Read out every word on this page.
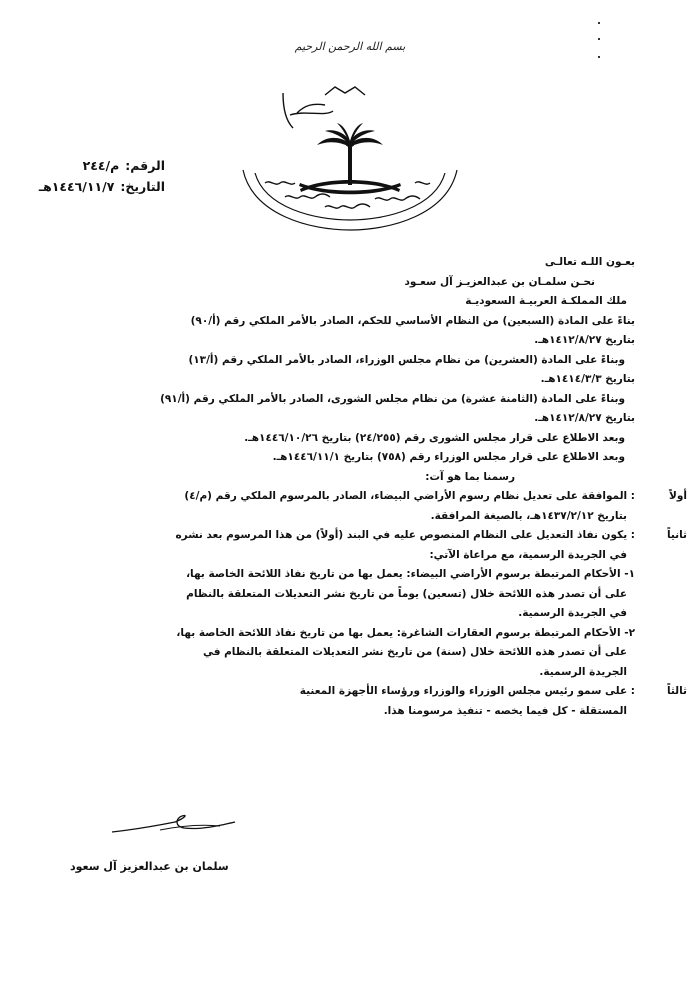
بسم الله الرحمن الرحيم
الرقم:
م/٢٤٤
التاريخ:
١٤٤٦/١١/٧هـ
بعـون اللـه تعالـى
نحـن سلمـان بن عبدالعزيـز آل سعـود
ملك المملكـة العربيـة السعوديـة
بناءً على المادة (السبعين) من النظام الأساسي للحكم، الصادر بالأمر الملكي رقم (أ/٩٠)
بتاريخ ١٤١٢/٨/٢٧هـ.
وبناءً على المادة (العشرين) من نظام مجلس الوزراء، الصادر بالأمر الملكي رقم (أ/١٣)
بتاريخ ١٤١٤/٣/٣هـ.
وبناءً على المادة (الثامنة عشرة) من نظام مجلس الشورى، الصادر بالأمر الملكي رقم (أ/٩١)
بتاريخ ١٤١٢/٨/٢٧هـ.
وبعد الاطلاع على قرار مجلس الشورى رقم (٢٤/٢٥٥) بتاريخ ١٤٤٦/١٠/٢٦هـ.
وبعد الاطلاع على قرار مجلس الوزراء رقم (٧٥٨) بتاريخ ١٤٤٦/١١/١هـ.
رسمنا بما هو آت:
أولاً
: الموافقة على تعديل نظام رسوم الأراضي البيضاء، الصادر بالمرسوم الملكي رقم (م/٤)
بتاريخ ١٤٣٧/٢/١٢هـ، بالصيغة المرافقة.
ثانياً
: يكون نفاذ التعديل على النظام المنصوص عليه في البند (أولاً) من هذا المرسوم بعد نشره
في الجريدة الرسمية، مع مراعاة الآتي:
١- الأحكام المرتبطة برسوم الأراضي البيضاء: يعمل بها من تاريخ نفاذ اللائحة الخاصة بها،
على أن تصدر هذه اللائحة خلال (تسعين) يوماً من تاريخ نشر التعديلات المتعلقة بالنظام
في الجريدة الرسمية.
٢- الأحكام المرتبطة برسوم العقارات الشاغرة: يعمل بها من تاريخ نفاذ اللائحة الخاصة بها،
على أن تصدر هذه اللائحة خلال (سنة) من تاريخ نشر التعديلات المتعلقة بالنظام في
الجريدة الرسمية.
ثالثاً
: على سمو رئيس مجلس الوزراء والوزراء ورؤساء الأجهزة المعنية
المستقلة - كل فيما يخصه - تنفيذ مرسومنا هذا.
سلمان بن عبدالعزيز آل سعود
